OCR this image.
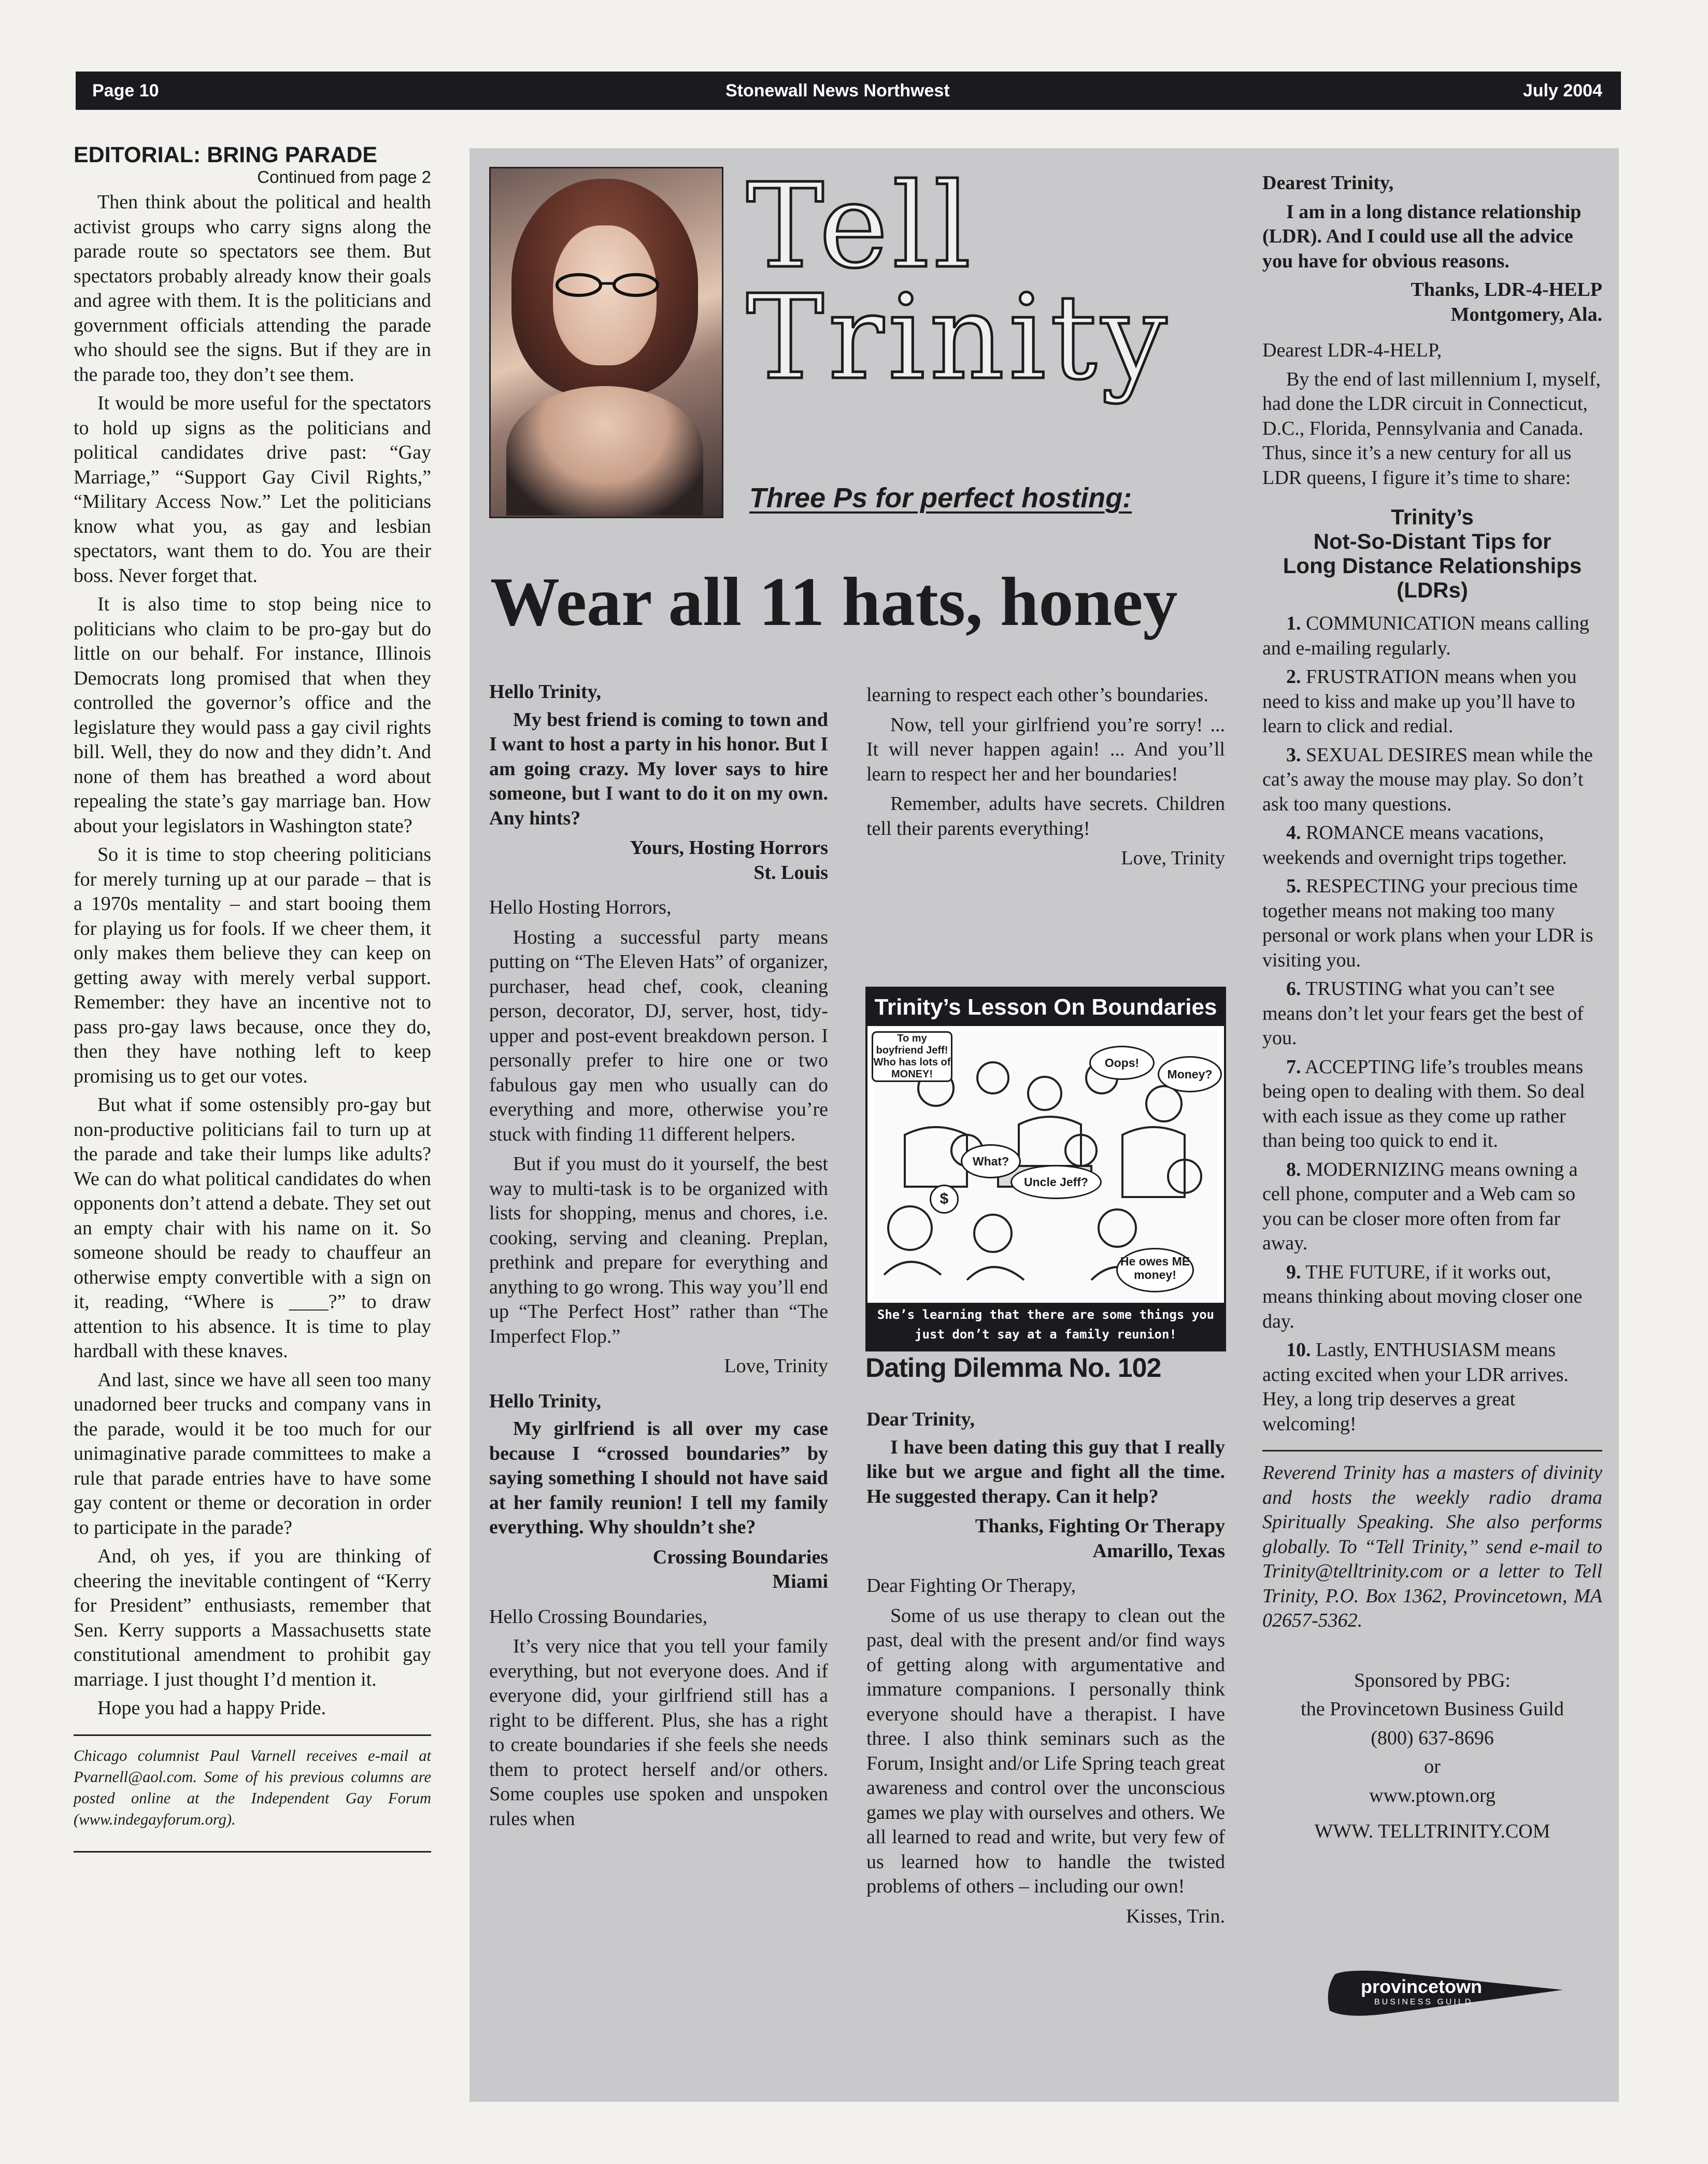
Page 10	Stonewall News Northwest	July 2004

EDITORIAL: BRING PARADE

Continued from page 2

Then think about the political and health activist groups who carry signs along the parade route so spectators see them. But spectators probably already know their goals and agree with them. It is the politicians and government officials attending the parade who should see the signs. But if they are in the parade too, they don’t see them.

It would be more useful for the spectators to hold up signs as the politicians and political candidates drive past: “Gay Marriage,” “Support Gay Civil Rights,” “Military Access Now.” Let the politicians know what you, as gay and lesbian spectators, want them to do. You are their boss. Never forget that.

It is also time to stop being nice to politicians who claim to be pro-gay but do little on our behalf. For instance, Illinois Democrats long promised that when they controlled the governor’s office and the legislature they would pass a gay civil rights bill. Well, they do now and they didn’t. And none of them has breathed a word about repealing the state’s gay marriage ban. How about your legislators in Washington state?

So it is time to stop cheering politicians for merely turning up at our parade – that is a 1970s mentality – and start booing them for playing us for fools. If we cheer them, it only makes them believe they can keep on getting away with merely verbal support. Remember: they have an incentive not to pass pro-gay laws because, once they do, then they have nothing left to keep promising us to get our votes.

But what if some ostensibly pro-gay but non-productive politicians fail to turn up at the parade and take their lumps like adults? We can do what political candidates do when opponents don’t attend a debate. They set out an empty chair with his name on it. So someone should be ready to chauffeur an otherwise empty convertible with a sign on it, reading, “Where is ____?” to draw attention to his absence. It is time to play hardball with these knaves.

And last, since we have all seen too many unadorned beer trucks and company vans in the parade, would it be too much for our unimaginative parade committees to make a rule that parade entries have to have some gay content or theme or decoration in order to participate in the parade?

And, oh yes, if you are thinking of cheering the inevitable contingent of “Kerry for President” enthusiasts, remember that Sen. Kerry supports a Massachusetts state constitutional amendment to prohibit gay marriage. I just thought I’d mention it.

Hope you had a happy Pride.

Chicago columnist Paul Varnell receives e-mail at Pvarnell@aol.com. Some of his previous columns are posted online at the Independent Gay Forum (www.indegayforum.org).

Tell

Trinity

Three Ps for perfect hosting:
Wear all 11 hats, honey

Hello Trinity,

My best friend is coming to town and I want to host a party in his honor. But I am going crazy. My lover says to hire someone, but I want to do it on my own. Any hints?

Yours, Hosting Horrors
St. Louis

Hello Hosting Horrors,

Hosting a successful party means putting on “The Eleven Hats” of organizer, purchaser, head chef, cook, cleaning person, decorator, DJ, server, host, tidy-upper and post-event breakdown person. I personally prefer to hire one or two fabulous gay men who usually can do everything and more, otherwise you’re stuck with finding 11 different helpers.

But if you must do it yourself, the best way to multi-task is to be organized with lists for shopping, menus and chores, i.e. cooking, serving and cleaning. Preplan, prethink and prepare for everything and anything to go wrong. This way you’ll end up “The Perfect Host” rather than “The Imperfect Flop.”

Love, Trinity

Hello Trinity,

My girlfriend is all over my case because I “crossed boundaries” by saying something I should not have said at her family reunion! I tell my family everything. Why shouldn’t she?

Crossing Boundaries
Miami

Hello Crossing Boundaries,

It’s very nice that you tell your family everything, but not everyone does. And if everyone did, your girlfriend still has a right to be different. Plus, she has a right to create boundaries if she feels she needs them to protect herself and/or others. Some couples use spoken and unspoken rules when

learning to respect each other’s boundaries.

Now, tell your girlfriend you’re sorry! ... It will never happen again! ... And you’ll learn to respect her and her boundaries!

Remember, adults have secrets. Children tell their parents everything!

Love, Trinity

Trinity’s Lesson On Boundaries
To my boyfriend Jeff! Who has lots of MONEY!
Oops!
Money?
What?
Uncle Jeff?
He owes ME money!
$
She’s learning that there are some things you just don’t say at a family reunion!
Dating Dilemma No. 102

Dear Trinity,

I have been dating this guy that I really like but we argue and fight all the time. He suggested therapy. Can it help?

Thanks, Fighting Or Therapy
Amarillo, Texas

Dear Fighting Or Therapy,

Some of us use therapy to clean out the past, deal with the present and/or find ways of getting along with argumentative and immature companions. I personally think everyone should have a therapist. I have three. I also think seminars such as the Forum, Insight and/or Life Spring teach great awareness and control over the unconscious games we play with ourselves and others. We all learned to read and write, but very few of us learned how to handle the twisted problems of others – including our own!

Kisses, Trin.

Dearest Trinity,

I am in a long distance relationship (LDR). And I could use all the advice you have for obvious reasons.

Thanks, LDR-4-HELP
Montgomery, Ala.

Dearest LDR-4-HELP,

By the end of last millennium I, myself, had done the LDR circuit in Connecticut, D.C., Florida, Pennsylvania and Canada. Thus, since it’s a new century for all us LDR queens, I figure it’s time to share:

Trinity’s
Not-So-Distant Tips for
Long Distance Relationships
(LDRs)

1. COMMUNICATION means calling and e-mailing regularly.

2. FRUSTRATION means when you need to kiss and make up you’ll have to learn to click and redial.

3. SEXUAL DESIRES mean while the cat’s away the mouse may play. So don’t ask too many questions.

4. ROMANCE means vacations, weekends and overnight trips together.

5. RESPECTING your precious time together means not making too many personal or work plans when your LDR is visiting you.

6. TRUSTING what you can’t see means don’t let your fears get the best of you.

7. ACCEPTING life’s troubles means being open to dealing with them. So deal with each issue as they come up rather than being too quick to end it.

8. MODERNIZING means owning a cell phone, computer and a Web cam so you can be closer more often from far away.

9. THE FUTURE, if it works out, means thinking about moving closer one day.

10. Lastly, ENTHUSIASM means acting excited when your LDR arrives. Hey, a long trip deserves a great welcoming!

Reverend Trinity has a masters of divinity and hosts the weekly radio drama Spiritually Speaking. She also performs globally. To “Tell Trinity,” send e-mail to Trinity@telltrinity.com or a letter to Tell Trinity, P.O. Box 1362, Provincetown, MA 02657-5362.

Sponsored by PBG:

the Provincetown Business Guild

(800) 637-8696

or

www.ptown.org

WWW. TELLTRINITY.COM

provincetown
BUSINESS GUILD
